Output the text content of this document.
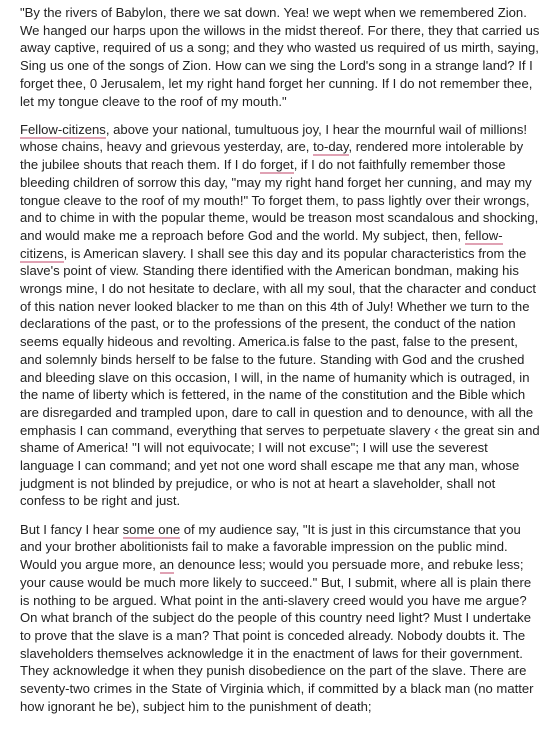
"By the rivers of Babylon, there we sat down. Yea! we wept when we remembered Zion. We hanged our harps upon the willows in the midst thereof. For there, they that carried us away captive, required of us a song; and they who wasted us required of us mirth, saying, Sing us one of the songs of Zion. How can we sing the Lord's song in a strange land? If I forget thee, 0 Jerusalem, let my right hand forget her cunning. If I do not remember thee, let my tongue cleave to the roof of my mouth."

Fellow-citizens, above your national, tumultuous joy, I hear the mournful wail of millions! whose chains, heavy and grievous yesterday, are, to-day, rendered more intolerable by the jubilee shouts that reach them. If I do forget, if I do not faithfully remember those bleeding children of sorrow this day, "may my right hand forget her cunning, and may my tongue cleave to the roof of my mouth!" To forget them, to pass lightly over their wrongs, and to chime in with the popular theme, would be treason most scandalous and shocking, and would make me a reproach before God and the world. My subject, then, fellow-citizens, is American slavery. I shall see this day and its popular characteristics from the slave's point of view. Standing there identified with the American bondman, making his wrongs mine, I do not hesitate to declare, with all my soul, that the character and conduct of this nation never looked blacker to me than on this 4th of July! Whether we turn to the declarations of the past, or to the professions of the present, the conduct of the nation seems equally hideous and revolting. America.is false to the past, false to the present, and solemnly binds herself to be false to the future. Standing with God and the crushed and bleeding slave on this occasion, I will, in the name of humanity which is outraged, in the name of liberty which is fettered, in the name of the constitution and the Bible which are disregarded and trampled upon, dare to call in question and to denounce, with all the emphasis I can command, everything that serves to perpetuate slavery ‹ the great sin and shame of America! "I will not equivocate; I will not excuse"; I will use the severest language I can command; and yet not one word shall escape me that any man, whose judgment is not blinded by prejudice, or who is not at heart a slaveholder, shall not confess to be right and just.

But I fancy I hear some one of my audience say, "It is just in this circumstance that you and your brother abolitionists fail to make a favorable impression on the public mind. Would you argue more, an denounce less; would you persuade more, and rebuke less; your cause would be much more likely to succeed." But, I submit, where all is plain there is nothing to be argued. What point in the anti-slavery creed would you have me argue? On what branch of the subject do the people of this country need light? Must I undertake to prove that the slave is a man? That point is conceded already. Nobody doubts it. The slaveholders themselves acknowledge it in the enactment of laws for their government. They acknowledge it when they punish disobedience on the part of the slave. There are seventy-two crimes in the State of Virginia which, if committed by a black man (no matter how ignorant he be), subject him to the punishment of death;
